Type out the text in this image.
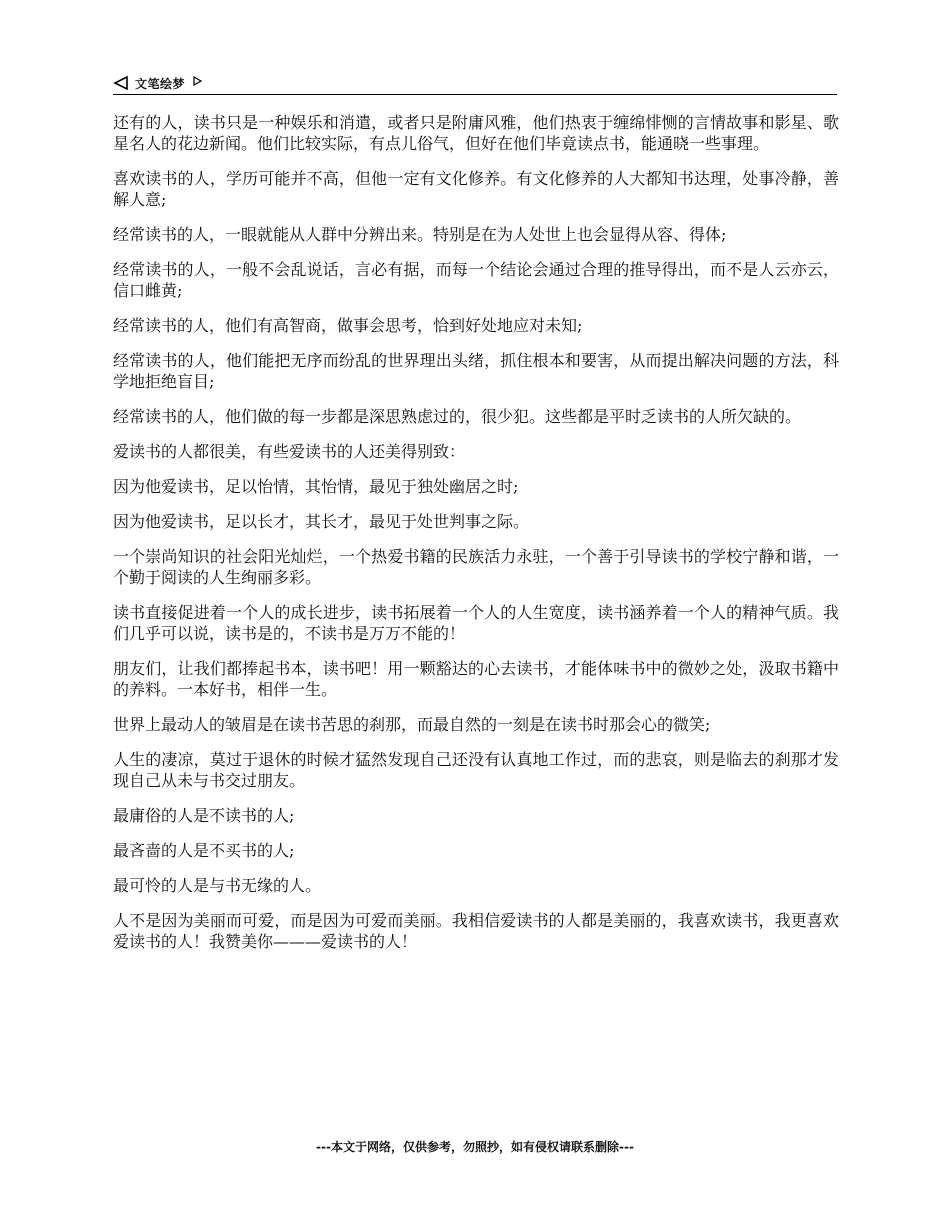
文笔绘梦

还有的人，读书只是一种娱乐和消遣，或者只是附庸风雅，他们热衷于缠绵悱恻的言情故事和影星、歌星名人的花边新闻。他们比较实际，有点儿俗气，但好在他们毕竟读点书，能通晓一些事理。

喜欢读书的人，学历可能并不高，但他一定有文化修养。有文化修养的人大都知书达理，处事冷静，善解人意;

经常读书的人，一眼就能从人群中分辨出来。特别是在为人处世上也会显得从容、得体;

经常读书的人，一般不会乱说话，言必有据，而每一个结论会通过合理的推导得出，而不是人云亦云，信口雌黄;

经常读书的人，他们有高智商，做事会思考，恰到好处地应对未知;

经常读书的人，他们能把无序而纷乱的世界理出头绪，抓住根本和要害，从而提出解决问题的方法，科学地拒绝盲目;

经常读书的人，他们做的每一步都是深思熟虑过的，很少犯。这些都是平时乏读书的人所欠缺的。

爱读书的人都很美，有些爱读书的人还美得别致：

因为他爱读书，足以怡情，其怡情，最见于独处幽居之时;

因为他爱读书，足以长才，其长才，最见于处世判事之际。

一个崇尚知识的社会阳光灿烂，一个热爱书籍的民族活力永驻，一个善于引导读书的学校宁静和谐，一个勤于阅读的人生绚丽多彩。

读书直接促进着一个人的成长进步，读书拓展着一个人的人生宽度，读书涵养着一个人的精神气质。我们几乎可以说，读书是的，不读书是万万不能的！

朋友们，让我们都捧起书本，读书吧！用一颗豁达的心去读书，才能体味书中的微妙之处，汲取书籍中的养料。一本好书，相伴一生。

世界上最动人的皱眉是在读书苦思的刹那，而最自然的一刻是在读书时那会心的微笑;

人生的凄凉，莫过于退休的时候才猛然发现自己还没有认真地工作过，而的悲哀，则是临去的刹那才发现自己从未与书交过朋友。

最庸俗的人是不读书的人;

最吝啬的人是不买书的人;

最可怜的人是与书无缘的人。

人不是因为美丽而可爱，而是因为可爱而美丽。我相信爱读书的人都是美丽的，我喜欢读书，我更喜欢爱读书的人！我赞美你———爱读书的人！

---本文于网络，仅供参考，勿照抄，如有侵权请联系删除---
